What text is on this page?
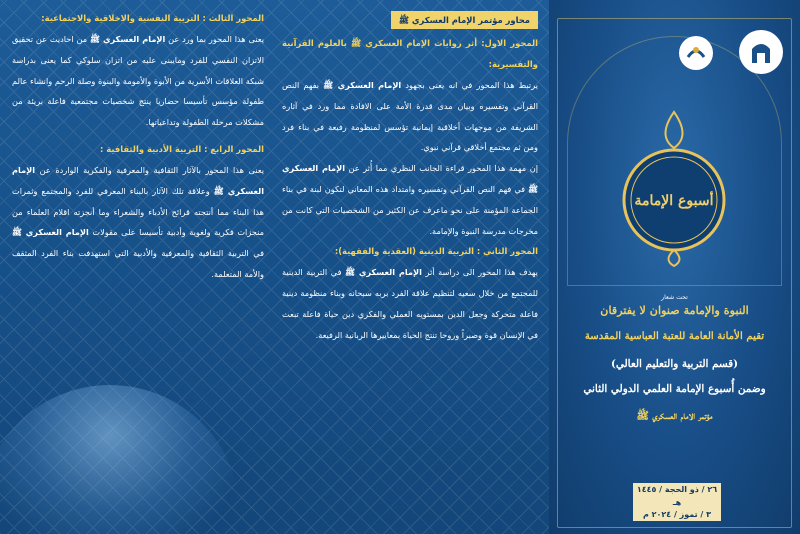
المحور الثالث : التربية النفسية والاخلاقية والاجتماعية:
يعنى هذا المحور بما ورد عن الإمام العسكري ﷺ من احاديث عن تحقيق الاتزان النفسي للفرد ومايبنى عليه من اتزان سلوكي كما يعنى بدراسة شبكة العلاقات الأسرية من الأبوة والأمومة والبنوة وصلة الرحم وانشاء عالم طفولة مؤسس تأسيسا حضاريا ينتج شخصيات مجتمعية فاعلة بريئة من مشكلات مرحلة الطفولة وتداعياتها.
المحور الرابع : التربية الأدبية والثقافية :
يعنى هذا المحور بالآثار الثقافية والمعرفية والفكرية الواردة عن الإمام العسكري ﷺ وعلاقة تلك الآثار بالبناء المعرفي للفرد والمجتمع وثمرات هذا البناء مما أنتجته قرائح الأدباء والشعراء وما أنجزته اقلام العلماء من منجزات فكرية ولغوية وأدبية تأسيسا على مقولات الإمام العسكري ﷺ في التربية الثقافية والمعرفية والأدبية التي استهدفت بناء الفرد المثقف والأمة المتعلمة.
محاور مؤتمر الإمام العسكري ﷺ
المحور الاول: أثر روايات الإمام العسكري ﷺ بالعلوم القرآنية والتفسيرية:
يرتبط هذا المحور في انه يعنى بجهود الإمام العسكري ﷺ بفهم النص القرآني وتفسيره وبيان مدى قدرة الأمة على الافادة مما ورد في آثاره الشريفة من موجهات أخلاقية إيمانية تؤسس لمنظومة رفيعة في بناء فرد ومن ثم مجتمع أخلاقي قرآني نبوي.
إن مهمة هذا المحور قراءة الجانب النظري مما أُثر عن الإمام العسكري ﷺ في فهم النص القرآني وتفسيره وامتداد هذه المعاني لتكون لبنة في بناء الجماعة المؤمنة على نحو ماعرف عن الكثير من الشخصيات التي كانت من مخرجات مدرسة النبوة والإمامة.
المحور الثاني : التربية الدينية (العقدية والفقهية):
يهدف هذا المحور الى دراسة أثر الإمام العسكري ﷺ في التربية الدينية للمجتمع من خلال سعيه لتنظيم علاقة الفرد بربه سبحانه وبناء منظومة دينية فاعلة متحركة وجعل الدين بمستويه العملي والفكري دين حياة فاعلة تبعث في الإنسان قوة وصبراً وروحا تنتج الحياة بمعاييرها الربانية الرفيعة.
أسبوع الإمامة
تحت شعار
النبوة والإمامة صنوان لا يفترقان
تقيم الأمانة العامة للعتبة العباسية المقدسة
(قسم التربية والتعليم العالي)
وضمن أُسبوع الإمامة العلمي الدولي الثاني
مؤتمر الامام العسكري ﷺ
٢٦ / ذو الحجة / ١٤٤٥ هـ
٣ / تموز / ٢٠٢٤ م
